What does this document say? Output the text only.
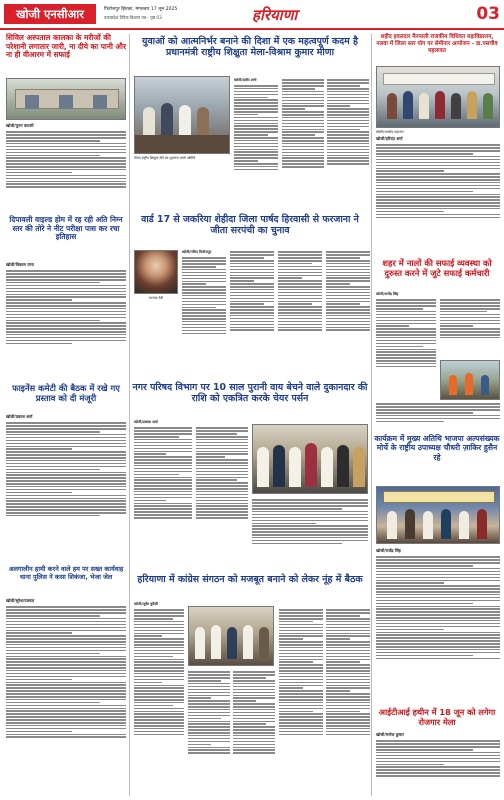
खोजी एनसीआर	फिरोजपुर झिरका, मंगलवार 17 जून 2025
उत्तरप्रदेश दैनिक विशाल पत्र - पृष्ठ 03	हरियाणा	03
सिविल अस्पताल कालका के मरीजों की परेशानी लगातार जारी, ना दीये का पानी और ना ही वीआरम में सफाई
खोजी/पुनम कालरी
युवाओं को आत्मनिर्भर बनाने की दिशा में एक महत्वपूर्ण कदम है प्रधानमंत्री राष्ट्रीय शिक्षुता मेला-विश्राम कुमार मीणा
पीएम राष्ट्रीय शिक्षुता मेले का शुभारंभ करते अतिथि
खोजी/प्रदीप शर्मा
शहीद हवलदार मैनपाली राजकीय विधिवत महाविद्यालय, नलवा में जिला स्तर योग पर सेमीनार आयोजन - डा.पसचीव महलावत
खोजी/जयदीप महाजन
खोजी/हरिदंत शर्मा
वार्ड 17 से जकरिया शेहीदा जिला पार्षद हिरवासी से फरजाना ने जीता सरपंची का चुनाव
भाजपा नेत्री
खोजी/नवित फिरोजपुर
दिपावली वाइल्ड होम में रह रही अति निम्न स्तर की तोरे ने नीट परीक्षा पास कर रचा इतिहास
खोजी/विकास राणा	शहर में नालों की सफाई व्यवस्था को दुरुस्त करने में जुटे सफाई कर्मचारी
खोजी/राजेंद्र सिंह
फाइनेंस कमेटी की बैठक में रखे गए प्रस्ताव को दी मंजूरी
खोजी/प्रकाश शर्मा
नगर परिषद विभाग पर 10 साल पुरानी वाय बेचने वाले दुकानदार की राशि को एकत्रित करके चेयर पर्सन
खोजी/प्रकाश शर्मा
कार्यक्रम में मुख्य अतिथि भाजपा अल्पसंख्यक मोर्चे के राष्ट्रीय उपाध्यक्ष चौधरी ज़ाकिर हुसैन रहे
खोजी/राजेंद्र सिंह
अलगालीन हामी करने वाले हम पर सख्त कार्यवाह थाना पुलिस ने कसा शिकंजा, भेजा जेल
खोजी/सुरेश/पलवल
हरियाणा में कांग्रेस संगठन को मजबूत बनाने को लेकर नूंह में बैठक
खोजी/जुबेर कुरैशी
आईटीआई हथीन में 18 जून को लगेगा रोजगार मेला
खोजी/मनोज कुमार
